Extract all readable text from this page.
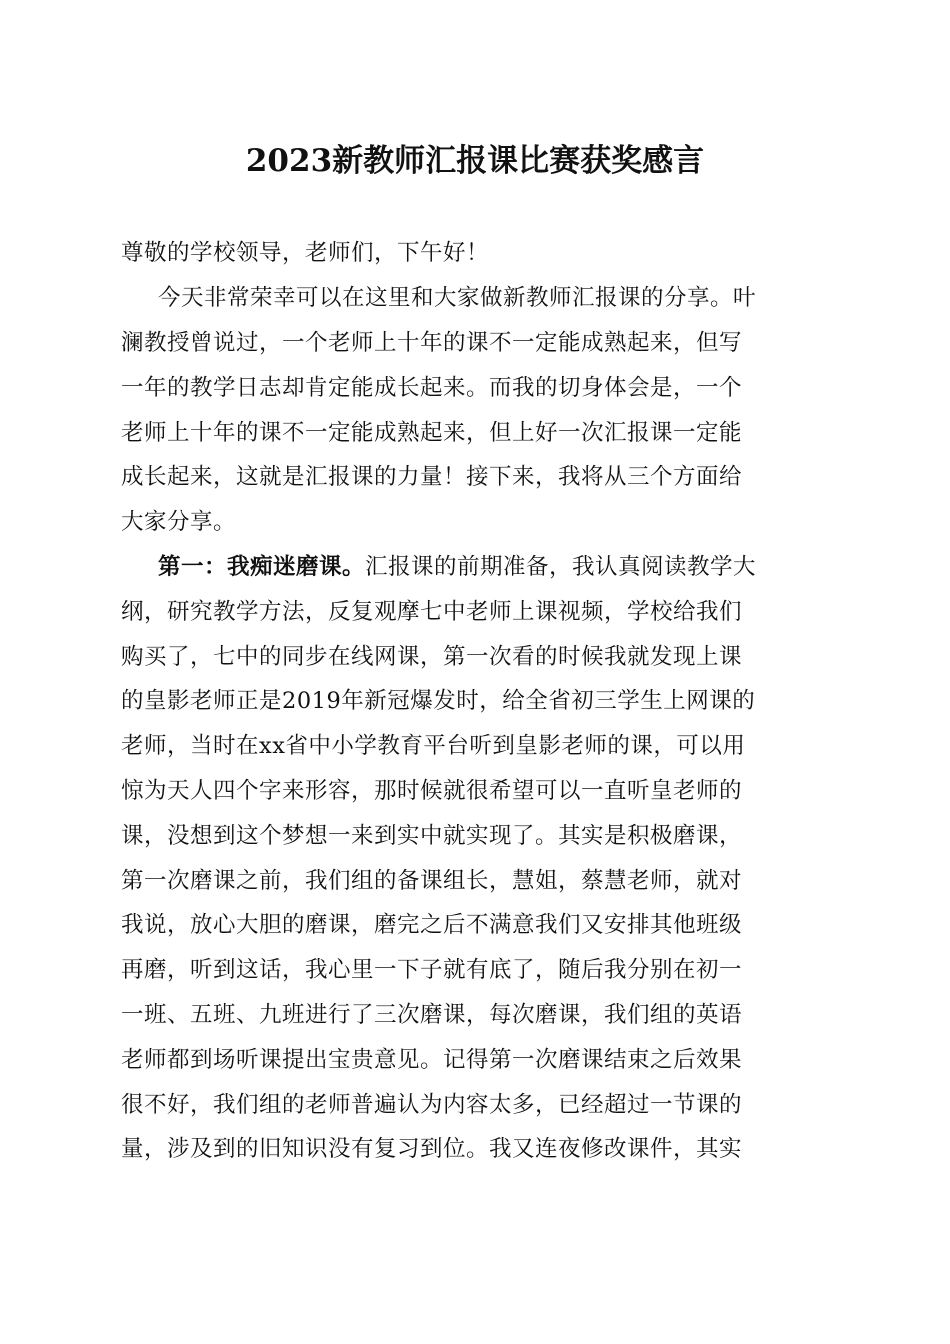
2023新教师汇报课比赛获奖感言
尊敬的学校领导，老师们，下午好！
今天非常荣幸可以在这里和大家做新教师汇报课的分享。叶
澜教授曾说过，一个老师上十年的课不一定能成熟起来，但写
一年的教学日志却肯定能成长起来。而我的切身体会是，一个
老师上十年的课不一定能成熟起来，但上好一次汇报课一定能
成长起来，这就是汇报课的力量！接下来，我将从三个方面给
大家分享。
第一：我痴迷磨课。汇报课的前期准备，我认真阅读教学大
纲，研究教学方法，反复观摩七中老师上课视频，学校给我们
购买了，七中的同步在线网课，第一次看的时候我就发现上课
的皇影老师正是2019年新冠爆发时，给全省初三学生上网课的
老师，当时在xx省中小学教育平台听到皇影老师的课，可以用
惊为天人四个字来形容，那时候就很希望可以一直听皇老师的
课，没想到这个梦想一来到实中就实现了。其实是积极磨课，
第一次磨课之前，我们组的备课组长，慧姐，蔡慧老师，就对
我说，放心大胆的磨课，磨完之后不满意我们又安排其他班级
再磨，听到这话，我心里一下子就有底了，随后我分别在初一
一班、五班、九班进行了三次磨课，每次磨课，我们组的英语
老师都到场听课提出宝贵意见。记得第一次磨课结束之后效果
很不好，我们组的老师普遍认为内容太多，已经超过一节课的
量，涉及到的旧知识没有复习到位。我又连夜修改课件，其实
